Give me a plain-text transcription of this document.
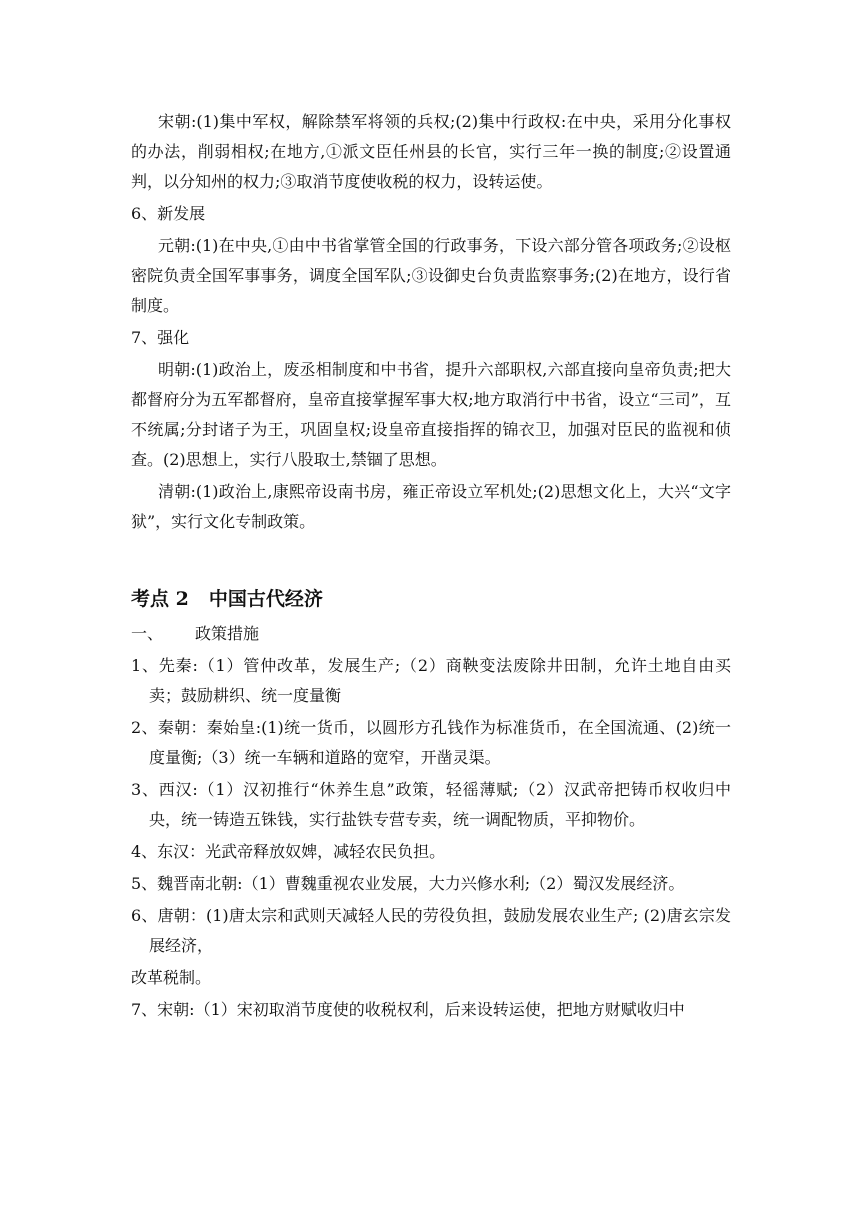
宋朝:(1)集中军权，解除禁军将领的兵权;(2)集中行政权:在中央，采用分化事权的办法，削弱相权;在地方,①派文臣任州县的长官，实行三年一换的制度;②设置通判，以分知州的权力;③取消节度使收税的权力，设转运使。

6、新发展

元朝:(1)在中央,①由中书省掌管全国的行政事务，下设六部分管各项政务;②设枢密院负责全国军事事务，调度全国军队;③设御史台负责监察事务;(2)在地方，设行省制度。

7、强化

明朝:(1)政治上，废丞相制度和中书省，提升六部职权,六部直接向皇帝负责;把大都督府分为五军都督府，皇帝直接掌握军事大权;地方取消行中书省，设立“三司”，互不统属;分封诸子为王，巩固皇权;设皇帝直接指挥的锦衣卫，加强对臣民的监视和侦查。(2)思想上，实行八股取士,禁锢了思想。

清朝:(1)政治上,康熙帝设南书房，雍正帝设立军机处;(2)思想文化上，大兴“文字狱”，实行文化专制政策。

考点 2 中国古代经济

一、 政策措施

1、先秦:（1）管仲改革，发展生产;（2）商鞅变法废除井田制，允许土地自由买卖；鼓励耕织、统一度量衡

2、秦朝：秦始皇:(1)统一货币，以圆形方孔钱作为标准货币，在全国流通、(2)统一度量衡;（3）统一车辆和道路的宽窄，开凿灵渠。

3、西汉:（1）汉初推行“休养生息”政策，轻徭薄赋;（2）汉武帝把铸币权收归中央，统一铸造五铢钱，实行盐铁专营专卖，统一调配物质，平抑物价。

4、东汉：光武帝释放奴婢，减轻农民负担。

5、魏晋南北朝:（1）曹魏重视农业发展，大力兴修水利;（2）蜀汉发展经济。

6、唐朝：(1)唐太宗和武则天减轻人民的劳役负担，鼓励发展农业生产; (2)唐玄宗发展经济，

改革税制。

7、宋朝:（1）宋初取消节度使的收税权利，后来设转运使，把地方财赋收归中
